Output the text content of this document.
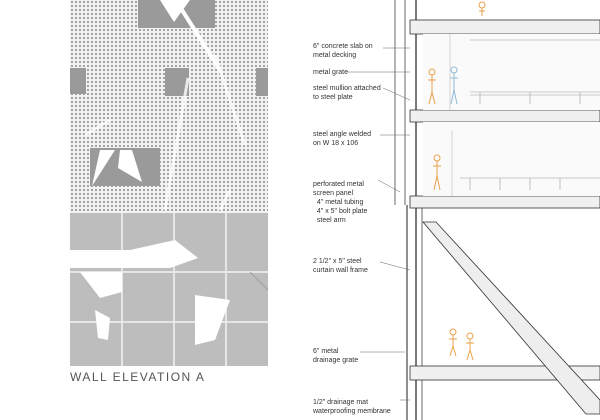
WALL ELEVATION A
6" concrete slab on
metal decking
metal grate
steel mullion attached
to steel plate
steel angle welded
on W 18 x 106
perforated metal
screen panel
4" metal tubing
4" x 5" bolt plate
steel arm
2 1/2" x 5" steel
curtain wall frame
6" metal
drainage grate
1/2" drainage mat
waterproofing membrane
